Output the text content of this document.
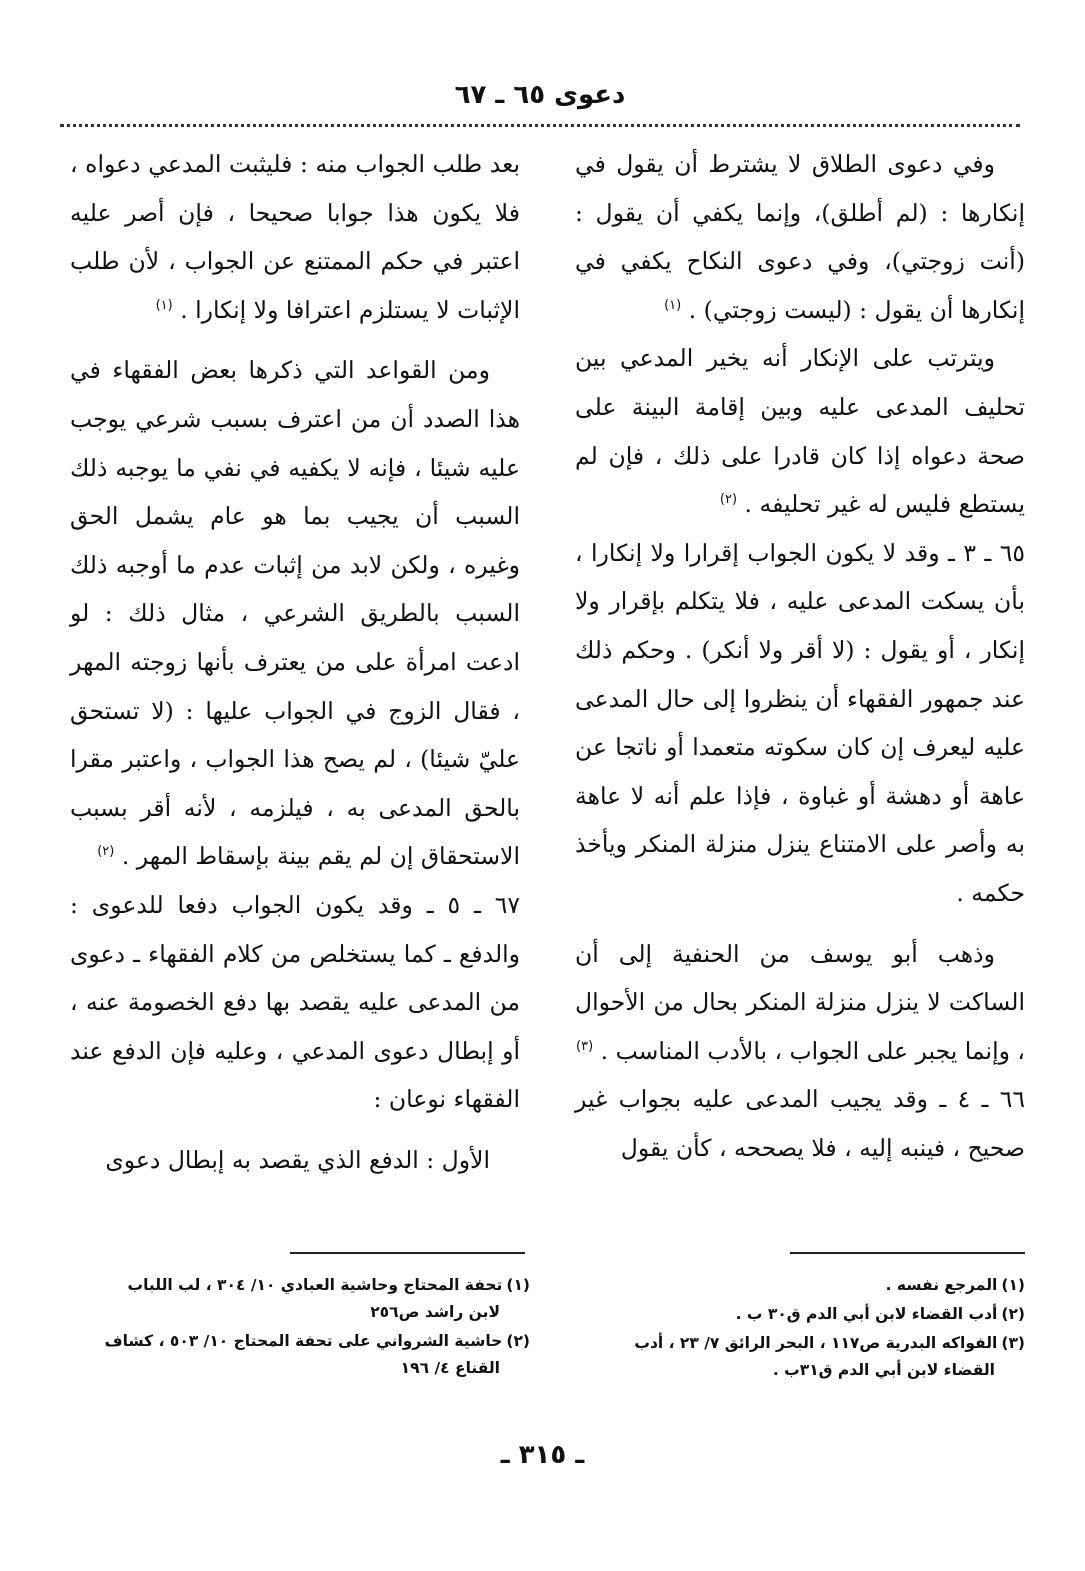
دعوى ٦٥ ـ ٦٧

وفي دعوى الطلاق لا يشترط أن يقول في إنكارها : (لم أطلق)، وإنما يكفي أن يقول : (أنت زوجتي)، وفي دعوى النكاح يكفي في إنكارها أن يقول : (ليست زوجتي) . $^{(١)}$

ويترتب على الإنكار أنه يخير المدعي بين تحليف المدعى عليه وبين إقامة البينة على صحة دعواه إذا كان قادرا على ذلك ، فإن لم يستطع فليس له غير تحليفه . $^{(٢)}$

٦٥ ـ ٣ ـ وقد لا يكون الجواب إقرارا ولا إنكارا ، بأن يسكت المدعى عليه ، فلا يتكلم بإقرار ولا إنكار ، أو يقول : (لا أقر ولا أنكر) . وحكم ذلك عند جمهور الفقهاء أن ينظروا إلى حال المدعى عليه ليعرف إن كان سكوته متعمدا أو ناتجا عن عاهة أو دهشة أو غباوة ، فإذا علم أنه لا عاهة به وأصر على الامتناع ينزل منزلة المنكر ويأخذ حكمه .

وذهب أبو يوسف من الحنفية إلى أن الساكت لا ينزل منزلة المنكر بحال من الأحوال ، وإنما يجبر على الجواب ، بالأدب المناسب . $^{(٣)}$

٦٦ ـ ٤ ـ وقد يجيب المدعى عليه بجواب غير صحيح ، فينبه إليه ، فلا يصححه ، كأن يقول

بعد طلب الجواب منه : فليثبت المدعي دعواه ، فلا يكون هذا جوابا صحيحا ، فإن أصر عليه اعتبر في حكم الممتنع عن الجواب ، لأن طلب الإثبات لا يستلزم اعترافا ولا إنكارا . $^{(١)}$

ومن القواعد التي ذكرها بعض الفقهاء في هذا الصدد أن من اعترف بسبب شرعي يوجب عليه شيئا ، فإنه لا يكفيه في نفي ما يوجبه ذلك السبب أن يجيب بما هو عام يشمل الحق وغيره ، ولكن لابد من إثبات عدم ما أوجبه ذلك السبب بالطريق الشرعي ، مثال ذلك : لو ادعت امرأة على من يعترف بأنها زوجته المهر ، فقال الزوج في الجواب عليها : (لا تستحق عليّ شيئا) ، لم يصح هذا الجواب ، واعتبر مقرا بالحق المدعى به ، فيلزمه ، لأنه أقر بسبب الاستحقاق إن لم يقم بينة بإسقاط المهر . $^{(٢)}$

٦٧ ـ ٥ ـ وقد يكون الجواب دفعا للدعوى : والدفع ـ كما يستخلص من كلام الفقهاء ـ دعوى من المدعى عليه يقصد بها دفع الخصومة عنه ، أو إبطال دعوى المدعي ، وعليه فإن الدفع عند الفقهاء نوعان :

الأول : الدفع الذي يقصد به إبطال دعوى

(١)المرجع نفسه .

(٢)أدب القضاء لابن أبي الدم ق٣٠ ب .

(٣)الفواكه البدرية ص١١٧ ، البحر الرائق ٧/ ٢٣ ، أدب
القضاء لابن أبي الدم ق٣١ب .

(١)تحفة المحتاج وحاشية العبادي ١٠/ ٣٠٤ ، لب اللباب
لابن راشد ص٢٥٦

(٢)حاشية الشرواني على تحفة المحتاج ١٠/ ٥٠٣ ، كشاف
القناع ٤/ ١٩٦

ـ ٣١٥ ـ
